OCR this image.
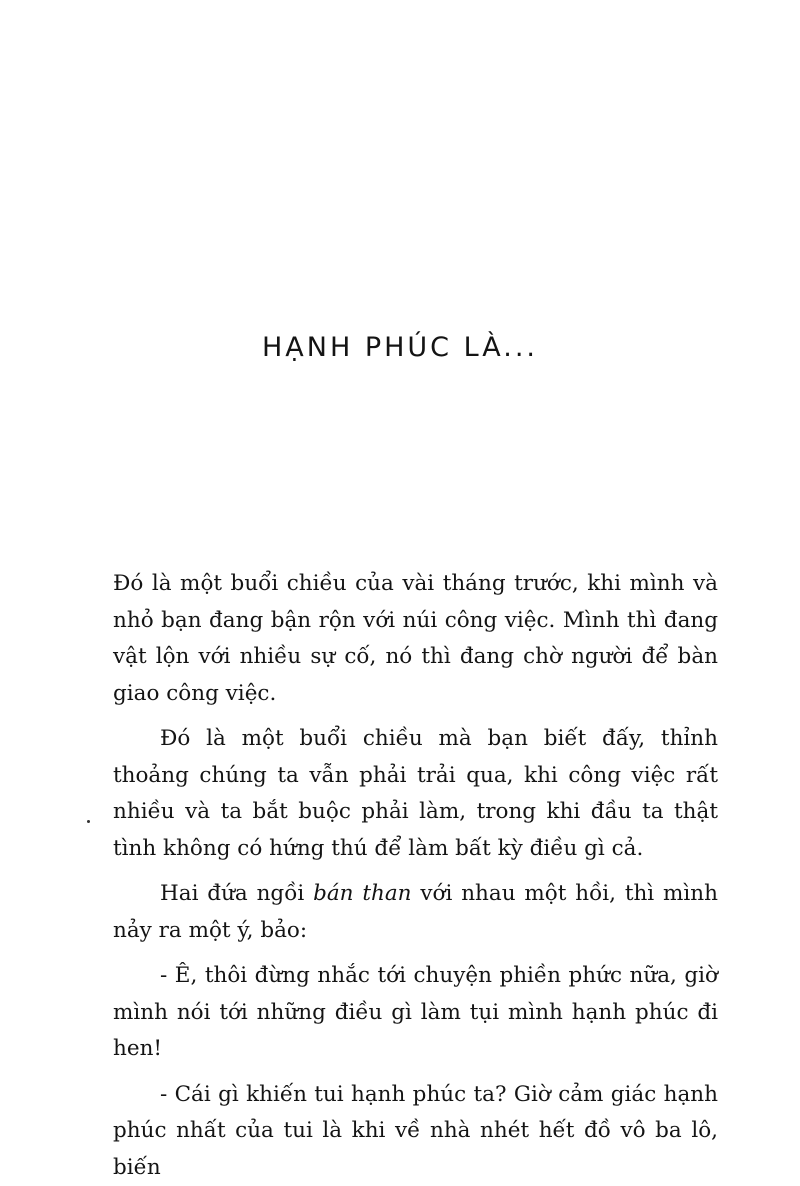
HẠNH PHÚC LÀ...

Đó là một buổi chiều của vài tháng trước, khi mình và nhỏ bạn đang bận rộn với núi công việc. Mình thì đang vật lộn với nhiều sự cố, nó thì đang chờ người để bàn giao công việc.

Đó là một buổi chiều mà bạn biết đấy, thỉnh thoảng chúng ta vẫn phải trải qua, khi công việc rất nhiều và ta bắt buộc phải làm, trong khi đầu ta thật tình không có hứng thú để làm bất kỳ điều gì cả.

Hai đứa ngồi bán than với nhau một hồi, thì mình nảy ra một ý, bảo:

- Ê, thôi đừng nhắc tới chuyện phiền phức nữa, giờ mình nói tới những điều gì làm tụi mình hạnh phúc đi hen!

- Cái gì khiến tui hạnh phúc ta? Giờ cảm giác hạnh phúc nhất của tui là khi về nhà nhét hết đồ vô ba lô, biến
